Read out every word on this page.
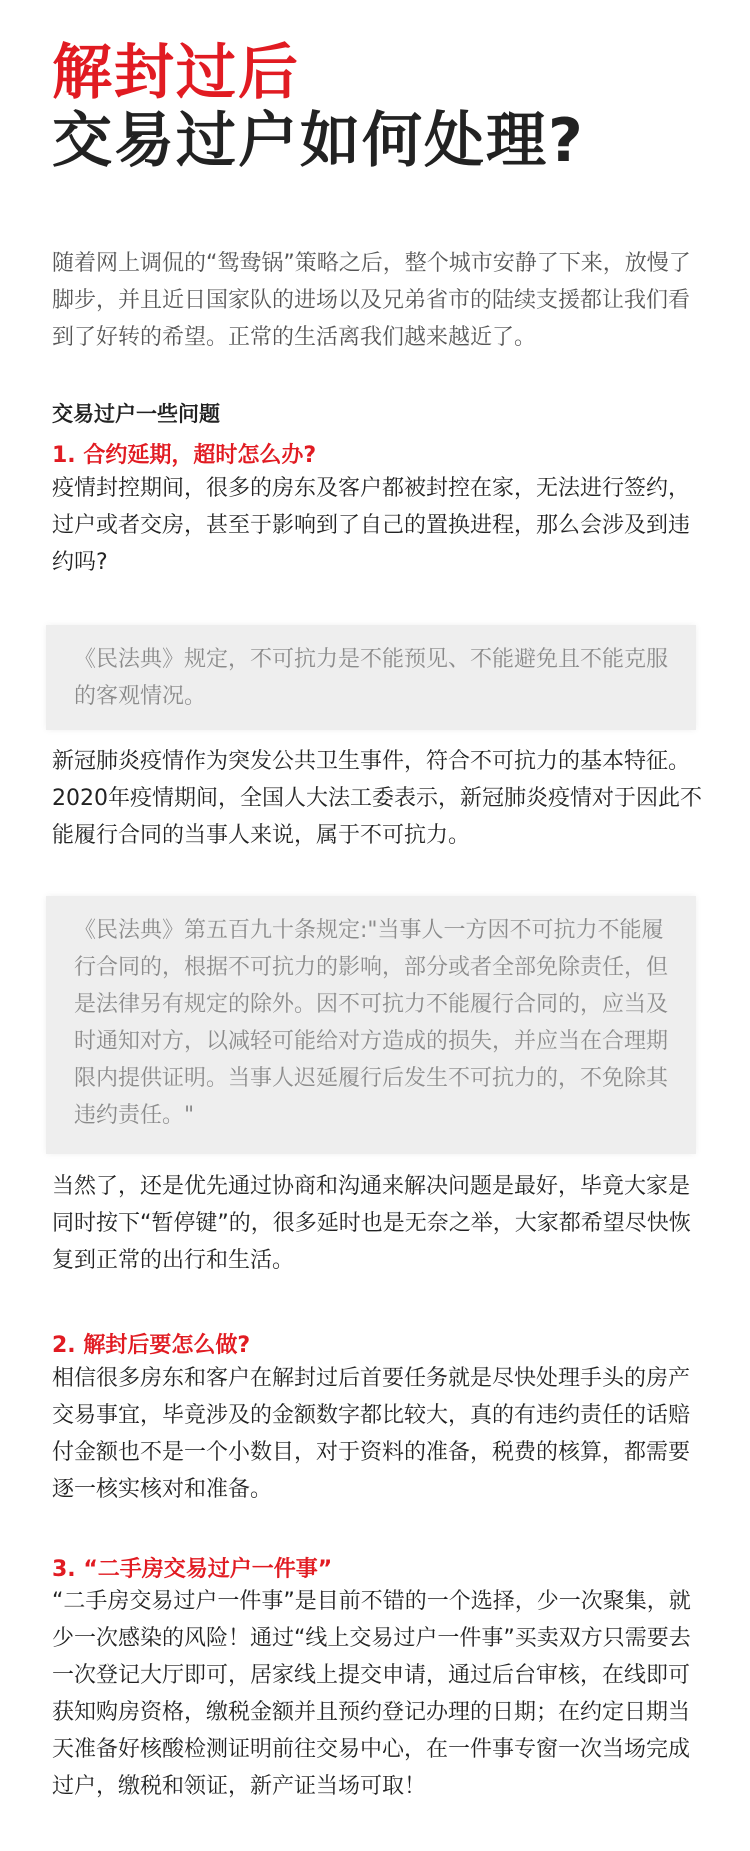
解封过后
交易过户如何处理?

随着网上调侃的“鸳鸯锅”策略之后，整个城市安静了下来，放慢了脚步，并且近日国家队的进场以及兄弟省市的陆续支援都让我们看到了好转的希望。正常的生活离我们越来越近了。

交易过户一些问题

1. 合约延期，超时怎么办?

疫情封控期间，很多的房东及客户都被封控在家，无法进行签约，过户或者交房，甚至于影响到了自己的置换进程，那么会涉及到违约吗?

《民法典》规定，不可抗力是不能预见、不能避免且不能克服的客观情况。

新冠肺炎疫情作为突发公共卫生事件，符合不可抗力的基本特征。2020年疫情期间，全国人大法工委表示，新冠肺炎疫情对于因此不能履行合同的当事人来说，属于不可抗力。

《民法典》第五百九十条规定:"当事人一方因不可抗力不能履行合同的，根据不可抗力的影响，部分或者全部免除责任，但是法律另有规定的除外。因不可抗力不能履行合同的，应当及时通知对方，以减轻可能给对方造成的损失，并应当在合理期限内提供证明。当事人迟延履行后发生不可抗力的，不免除其违约责任。"

当然了，还是优先通过协商和沟通来解决问题是最好，毕竟大家是同时按下“暂停键”的，很多延时也是无奈之举，大家都希望尽快恢复到正常的出行和生活。

2. 解封后要怎么做?

相信很多房东和客户在解封过后首要任务就是尽快处理手头的房产交易事宜，毕竟涉及的金额数字都比较大，真的有违约责任的话赔付金额也不是一个小数目，对于资料的准备，税费的核算，都需要逐一核实核对和准备。

3. “二手房交易过户一件事”

“二手房交易过户一件事”是目前不错的一个选择，少一次聚集，就少一次感染的风险！通过“线上交易过户一件事”买卖双方只需要去一次登记大厅即可，居家线上提交申请，通过后台审核，在线即可获知购房资格，缴税金额并且预约登记办理的日期；在约定日期当天准备好核酸检测证明前往交易中心，在一件事专窗一次当场完成过户，缴税和领证，新产证当场可取！
